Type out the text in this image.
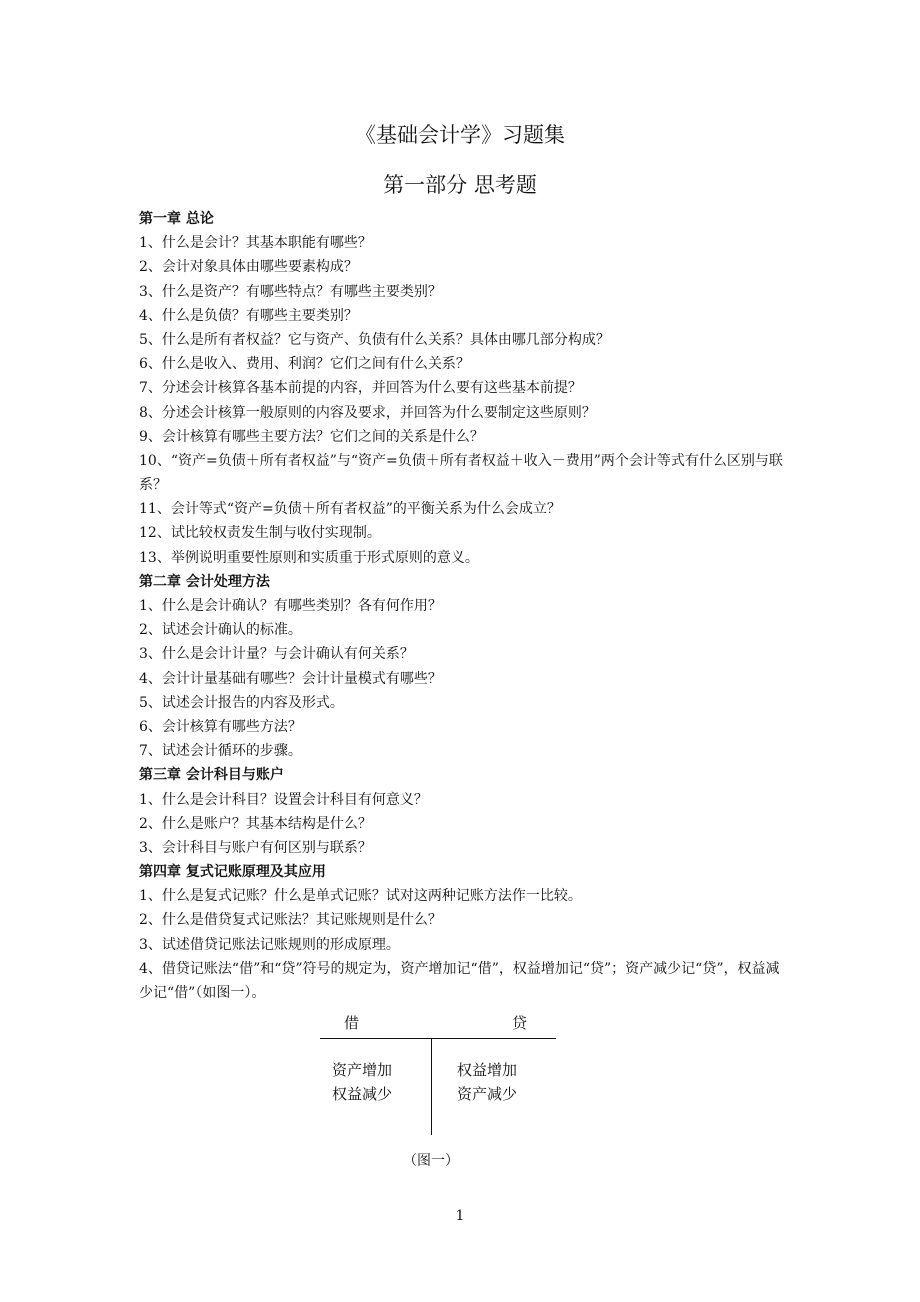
《基础会计学》习题集
第一部分 思考题
第一章 总论
1、什么是会计？其基本职能有哪些？
2、会计对象具体由哪些要素构成？
3、什么是资产？有哪些特点？有哪些主要类别？
4、什么是负债？有哪些主要类别？
5、什么是所有者权益？它与资产、负债有什么关系？具体由哪几部分构成？
6、什么是收入、费用、利润？它们之间有什么关系？
7、分述会计核算各基本前提的内容，并回答为什么要有这些基本前提？
8、分述会计核算一般原则的内容及要求，并回答为什么要制定这些原则？
9、会计核算有哪些主要方法？它们之间的关系是什么？
10、“资产=负债＋所有者权益”与“资产=负债＋所有者权益＋收入－费用”两个会计等式有什么区别与联系？
11、会计等式“资产=负债＋所有者权益”的平衡关系为什么会成立？
12、试比较权责发生制与收付实现制。
13、举例说明重要性原则和实质重于形式原则的意义。
第二章 会计处理方法
1、什么是会计确认？有哪些类别？各有何作用？
2、试述会计确认的标准。
3、什么是会计计量？与会计确认有何关系？
4、会计计量基础有哪些？会计计量模式有哪些？
5、试述会计报告的内容及形式。
6、会计核算有哪些方法？
7、试述会计循环的步骤。
第三章 会计科目与账户
1、什么是会计科目？设置会计科目有何意义？
2、什么是账户？其基本结构是什么？
3、会计科目与账户有何区别与联系？
第四章 复式记账原理及其应用
1、什么是复式记账？什么是单式记账？试对这两种记账方法作一比较。
2、什么是借贷复式记账法？其记账规则是什么？
3、试述借贷记账法记账规则的形成原理。
4、借贷记账法“借”和“贷”符号的规定为，资产增加记“借”，权益增加记“贷”；资产减少记“贷”，权益减少记“借”（如图一）。
借	贷
资产增加
权益减少
权益增加
资产减少
（图一）
1
